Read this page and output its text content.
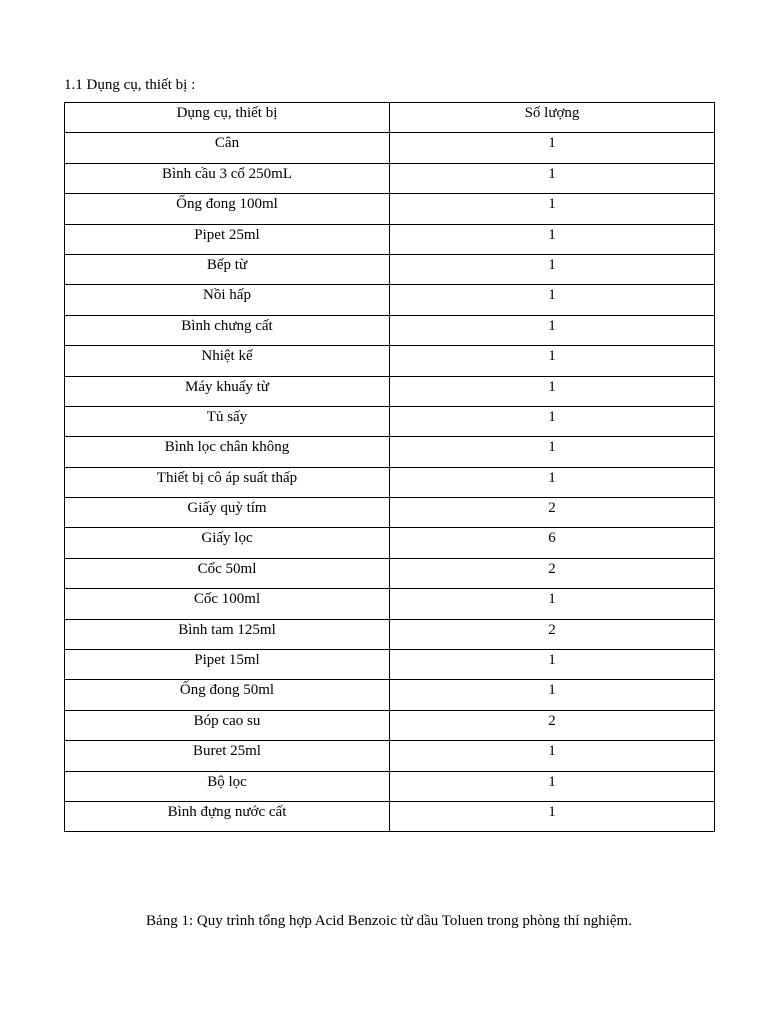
1.1 Dụng cụ, thiết bị :
Dụng cụ, thiết bị	Số lượng
Cân	1
Bình cầu 3 cổ 250mL	1
Ống đong 100ml	1
Pipet 25ml	1
Bếp từ	1
Nồi hấp	1
Bình chưng cất	1
Nhiệt kế	1
Máy khuấy từ	1
Tủ sấy	1
Bình lọc chân không	1
Thiết bị cô áp suất thấp	1
Giấy quỳ tím	2
Giấy lọc	6
Cốc 50ml	2
Cốc 100ml	1
Bình tam 125ml	2
Pipet 15ml	1
Ống đong 50ml	1
Bóp cao su	2
Buret 25ml	1
Bộ lọc	1
Bình đựng nước cất	1
Bảng 1: Quy trình tổng hợp Acid Benzoic từ dầu Toluen trong phòng thí nghiệm.
